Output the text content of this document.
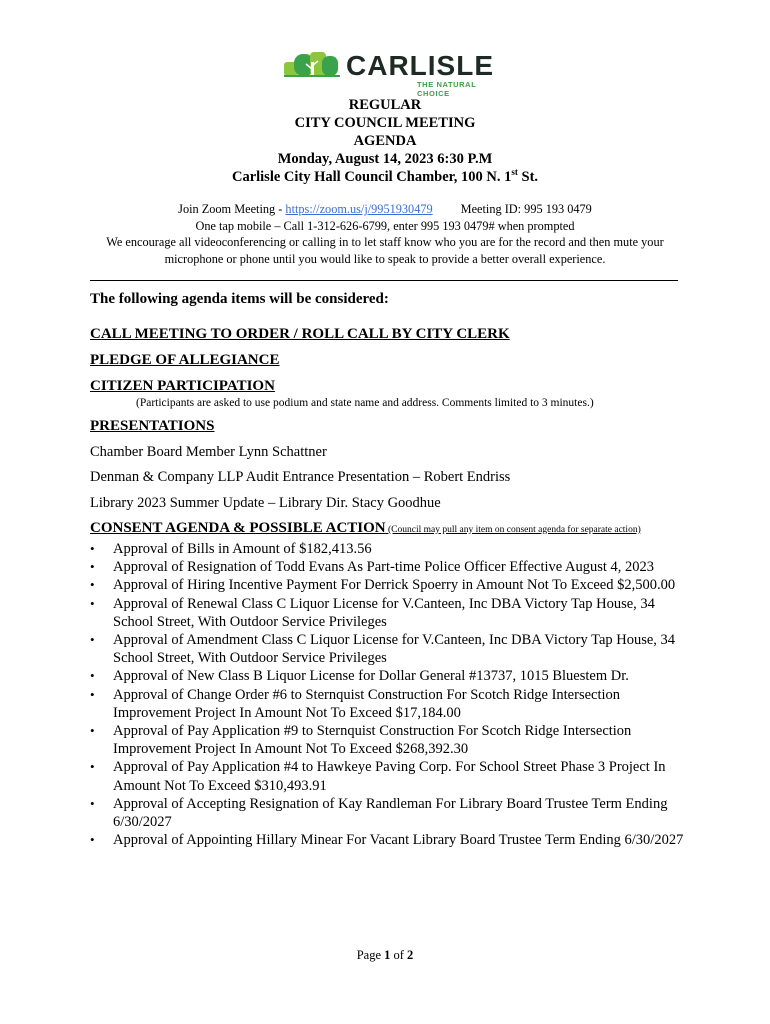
CARLISLE
THE NATURAL CHOICE
REGULAR
CITY COUNCIL MEETING
AGENDA
Monday, August 14, 2023 6:30 P.M
Carlisle City Hall Council Chamber, 100 N. 1st St.
Join Zoom Meeting - https://zoom.us/j/9951930479 Meeting ID: 995 193 0479
One tap mobile – Call 1-312-626-6799, enter 995 193 0479# when prompted
We encourage all videoconferencing or calling in to let staff know who you are for the record and then mute your
microphone or phone until you would like to speak to provide a better overall experience.
The following agenda items will be considered:
CALL MEETING TO ORDER / ROLL CALL BY CITY CLERK
PLEDGE OF ALLEGIANCE
CITIZEN PARTICIPATION
(Participants are asked to use podium and state name and address. Comments limited to 3 minutes.)
PRESENTATIONS
Chamber Board Member Lynn Schattner
Denman & Company LLP Audit Entrance Presentation – Robert Endriss
Library 2023 Summer Update – Library Dir. Stacy Goodhue
CONSENT AGENDA & POSSIBLE ACTION (Council may pull any item on consent agenda for separate action)
• Approval of Bills in Amount of $182,413.56
• Approval of Resignation of Todd Evans As Part-time Police Officer Effective August 4, 2023
• Approval of Hiring Incentive Payment For Derrick Spoerry in Amount Not To Exceed $2,500.00
• Approval of Renewal Class C Liquor License for V.Canteen, Inc DBA Victory Tap House, 34 School Street, With Outdoor Service Privileges
• Approval of Amendment Class C Liquor License for V.Canteen, Inc DBA Victory Tap House, 34 School Street, With Outdoor Service Privileges
• Approval of New Class B Liquor License for Dollar General #13737, 1015 Bluestem Dr.
• Approval of Change Order #6 to Sternquist Construction For Scotch Ridge Intersection Improvement Project In Amount Not To Exceed $17,184.00
• Approval of Pay Application #9 to Sternquist Construction For Scotch Ridge Intersection Improvement Project In Amount Not To Exceed $268,392.30
• Approval of Pay Application #4 to Hawkeye Paving Corp. For School Street Phase 3 Project In Amount Not To Exceed $310,493.91
• Approval of Accepting Resignation of Kay Randleman For Library Board Trustee Term Ending 6/30/2027
• Approval of Appointing Hillary Minear For Vacant Library Board Trustee Term Ending 6/30/2027
Page 1 of 2
